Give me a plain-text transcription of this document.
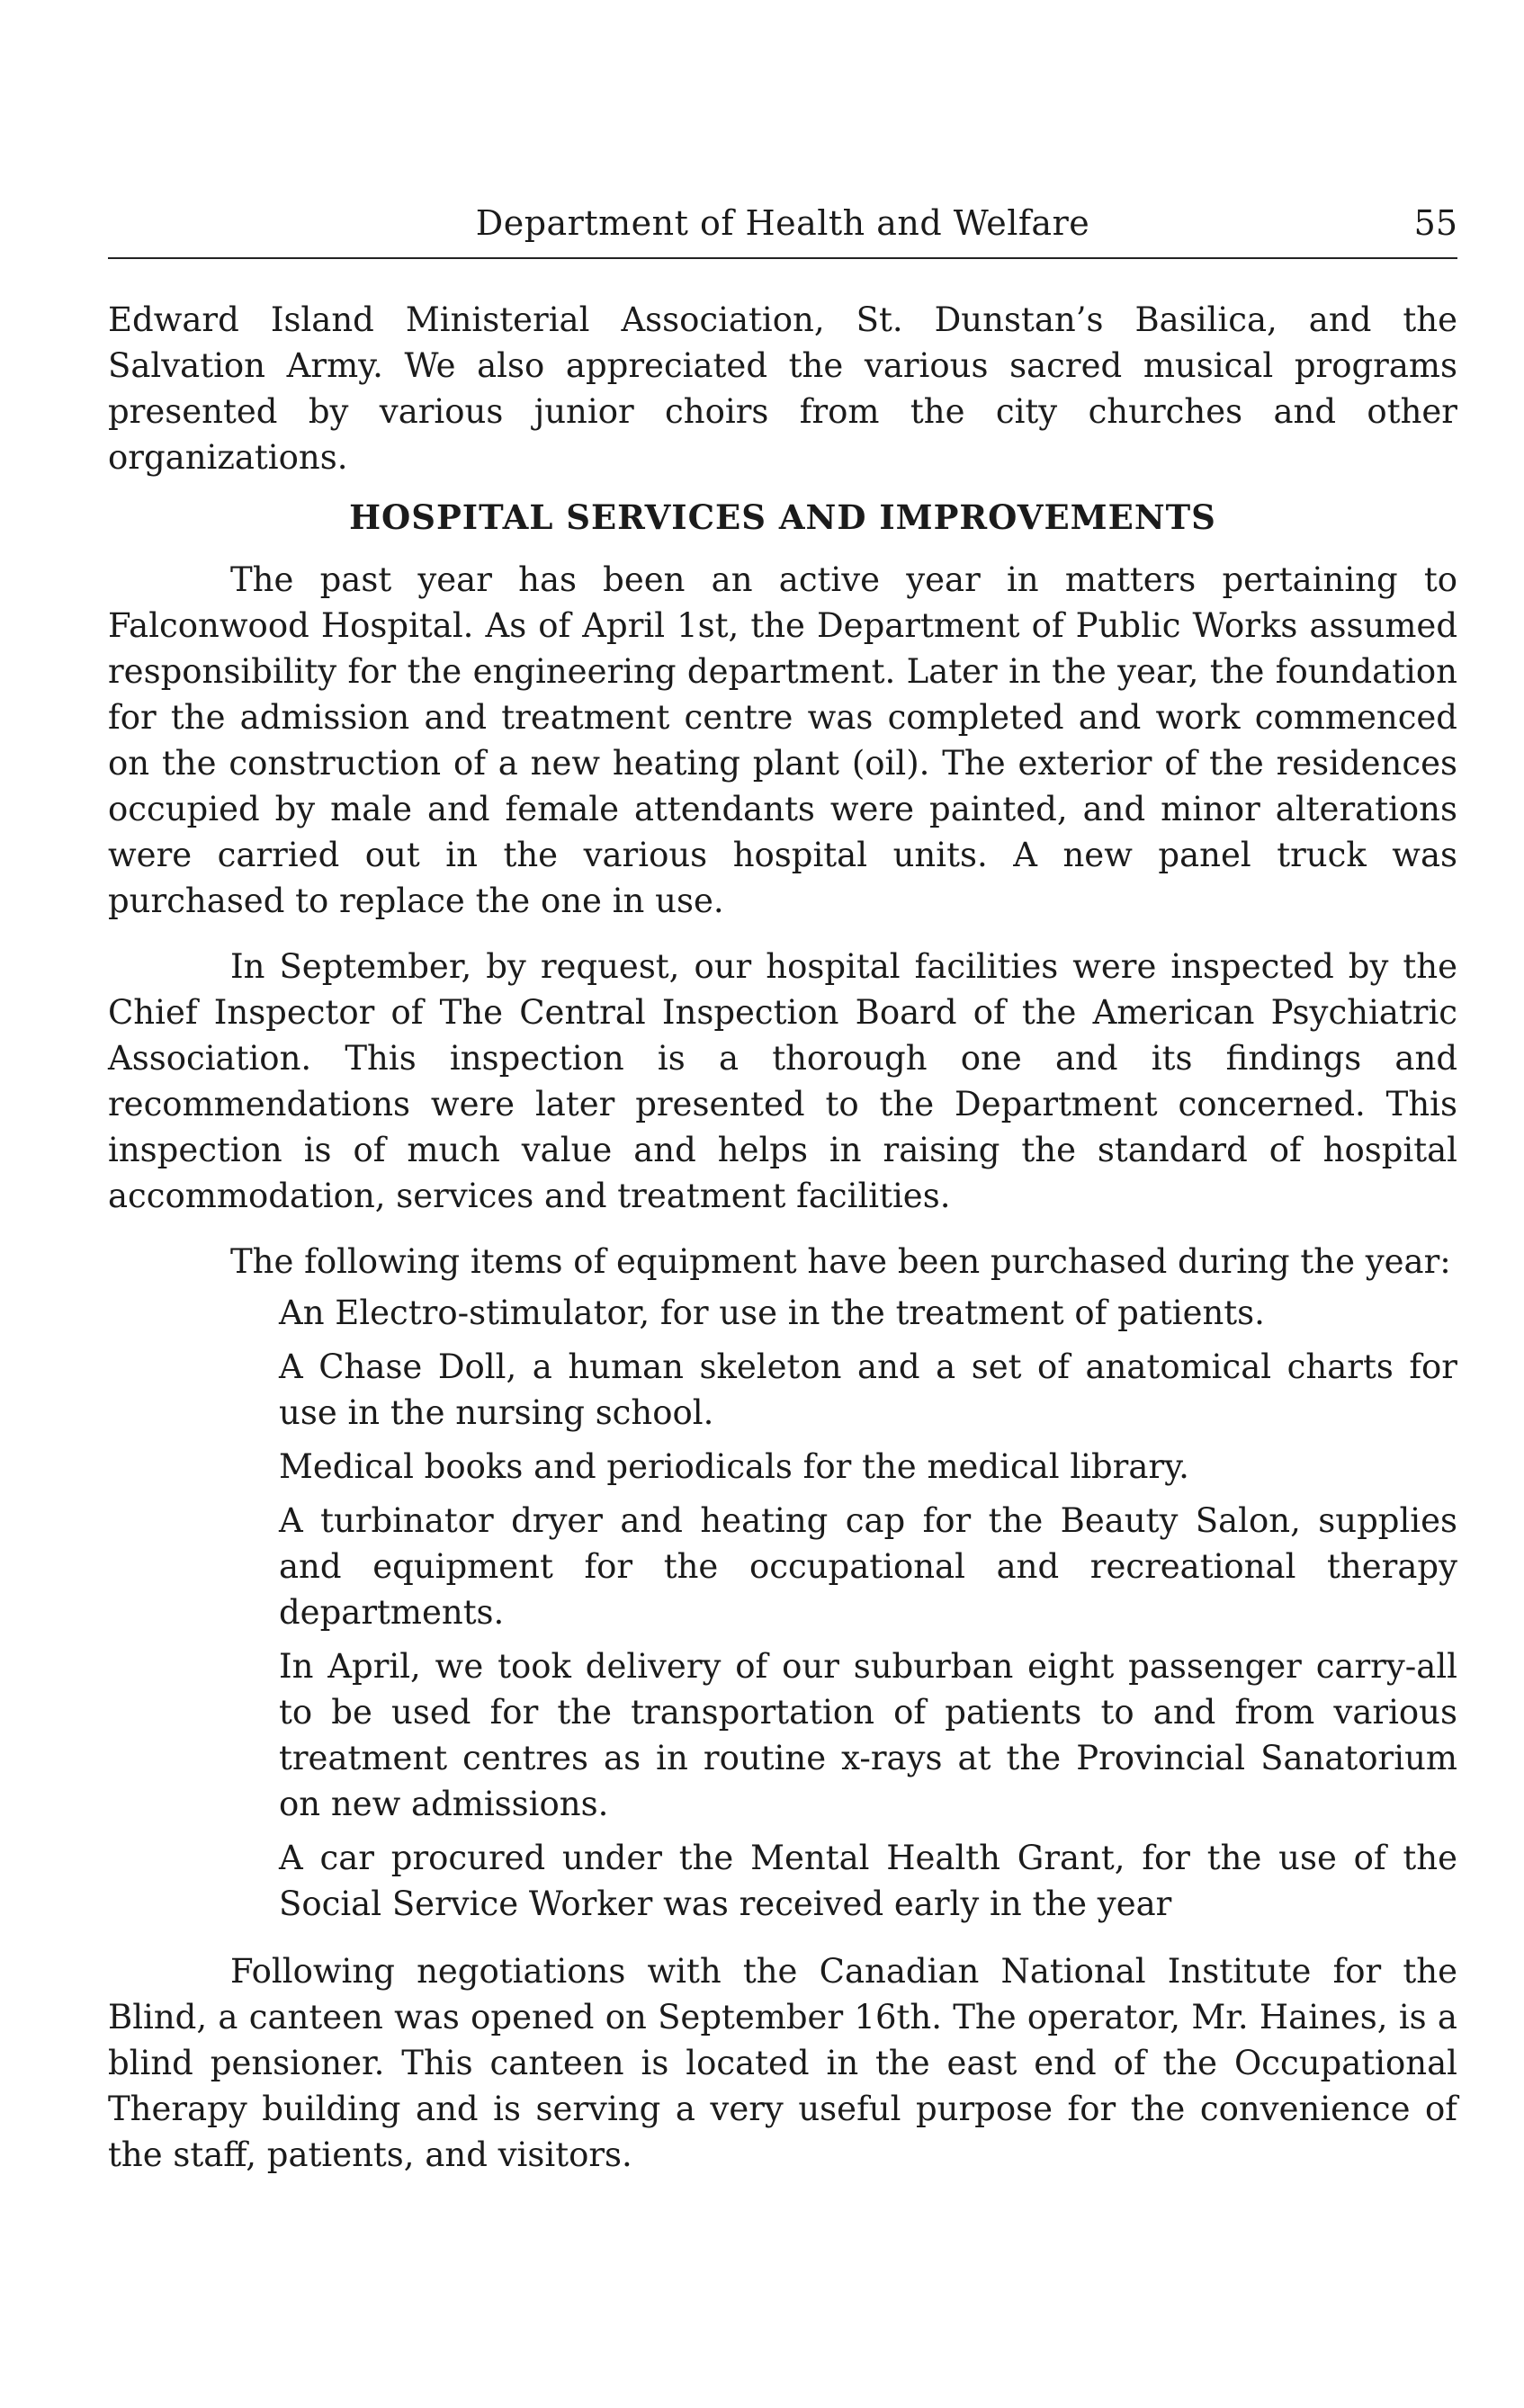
Department of Health and Welfare	55

Edward Island Ministerial Association, St. Dunstan’s Basilica, and the Salvation Army. We also appreciated the various sacred musical programs presented by various junior choirs from the city churches and other organizations.

HOSPITAL SERVICES AND IMPROVEMENTS

The past year has been an active year in matters pertaining to Falconwood Hospital. As of April 1st, the Department of Public Works assumed responsibility for the engineering department. Later in the year, the foundation for the admission and treatment centre was completed and work commenced on the construction of a new heating plant (oil). The exterior of the residences occupied by male and female attendants were painted, and minor alterations were carried out in the various hospital units. A new panel truck was purchased to replace the one in use.

In September, by request, our hospital facilities were inspected by the Chief Inspector of The Central Inspection Board of the American Psychiatric Association. This inspection is a thorough one and its findings and recommendations were later presented to the Department concerned. This inspection is of much value and helps in raising the standard of hospital accommodation, services and treatment facilities.

The following items of equipment have been purchased during the year:

An Electro-stimulator, for use in the treatment of patients.
A Chase Doll, a human skeleton and a set of anatomical charts for use in the nursing school.
Medical books and periodicals for the medical library.
A turbinator dryer and heating cap for the Beauty Salon, supplies and equipment for the occupational and recreational therapy departments.
In April, we took delivery of our suburban eight passenger carry-all to be used for the transportation of patients to and from various treatment centres as in routine x-rays at the Provincial Sanatorium on new admissions.
A car procured under the Mental Health Grant, for the use of the Social Service Worker was received early in the year

Following negotiations with the Canadian National Institute for the Blind, a canteen was opened on September 16th. The operator, Mr. Haines, is a blind pensioner. This canteen is located in the east end of the Occupational Therapy building and is serving a very useful purpose for the convenience of the staff, patients, and visitors.
